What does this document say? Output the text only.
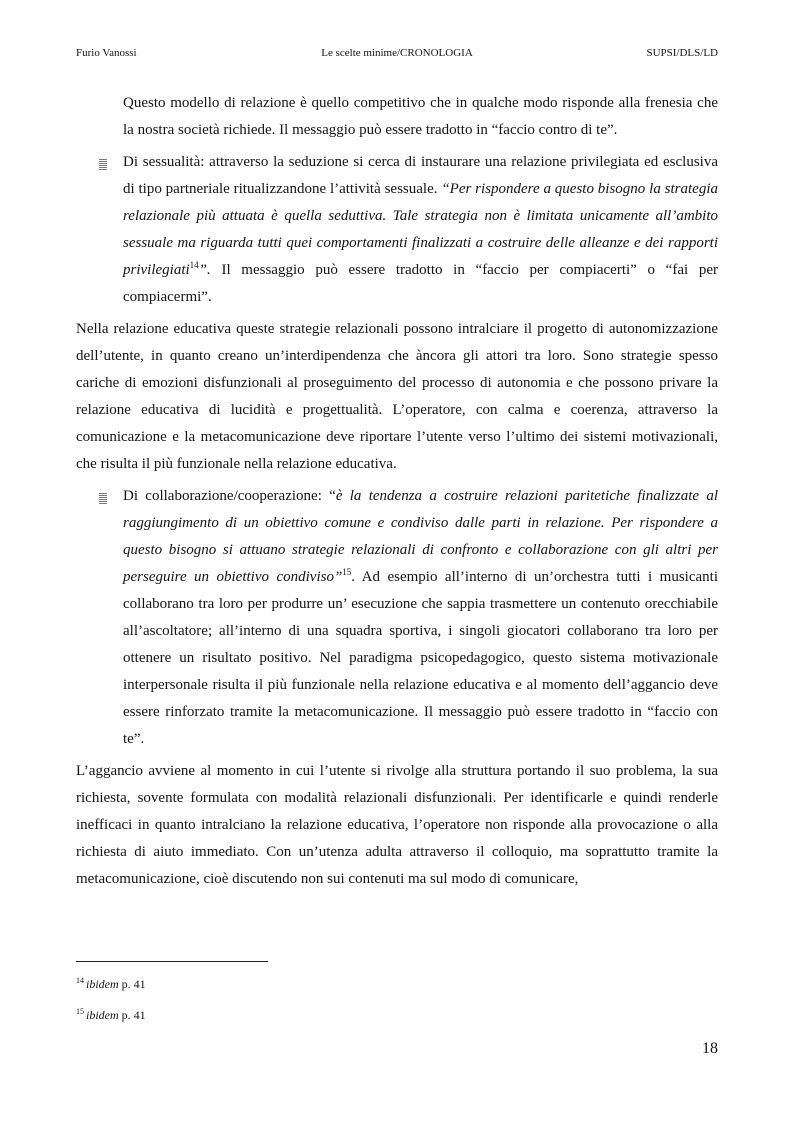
Furio Vanossi	Le scelte minime/CRONOLOGIA	SUPSI/DLS/LD

Questo modello di relazione è quello competitivo che in qualche modo risponde alla frenesia che la nostra società richiede. Il messaggio può essere tradotto in “faccio contro di te”.

Di sessualità: attraverso la seduzione si cerca di instaurare una relazione privilegiata ed esclusiva di tipo partneriale ritualizzandone l’attività sessuale. “Per rispondere a questo bisogno la strategia relazionale più attuata è quella seduttiva. Tale strategia non è limitata unicamente all’ambito sessuale ma riguarda tutti quei comportamenti finalizzati a costruire delle alleanze e dei rapporti privilegiati$^{14}$”. Il messaggio può essere tradotto in “faccio per compiacerti” o “fai per compiacermi”.

Nella relazione educativa queste strategie relazionali possono intralciare il progetto di autonomizzazione dell’utente, in quanto creano un’interdipendenza che àncora gli attori tra loro. Sono strategie spesso cariche di emozioni disfunzionali al proseguimento del processo di autonomia e che possono privare la relazione educativa di lucidità e progettualità. L’operatore, con calma e coerenza, attraverso la comunicazione e la metacomunicazione deve riportare l’utente verso l’ultimo dei sistemi motivazionali, che risulta il più funzionale nella relazione educativa.

Di collaborazione/cooperazione: “è la tendenza a costruire relazioni paritetiche finalizzate al raggiungimento di un obiettivo comune e condiviso dalle parti in relazione. Per rispondere a questo bisogno si attuano strategie relazionali di confronto e collaborazione con gli altri per perseguire un obiettivo condiviso”$^{15}$. Ad esempio all’interno di un’orchestra tutti i musicanti collaborano tra loro per produrre un’ esecuzione che sappia trasmettere un contenuto orecchiabile all’ascoltatore; all’interno di una squadra sportiva, i singoli giocatori collaborano tra loro per ottenere un risultato positivo. Nel paradigma psicopedagogico, questo sistema motivazionale interpersonale risulta il più funzionale nella relazione educativa e al momento dell’aggancio deve essere rinforzato tramite la metacomunicazione. Il messaggio può essere tradotto in “faccio con te”.

L’aggancio avviene al momento in cui l’utente si rivolge alla struttura portando il suo problema, la sua richiesta, sovente formulata con modalità relazionali disfunzionali. Per identificarle e quindi renderle inefficaci in quanto intralciano la relazione educativa, l’operatore non risponde alla provocazione o alla richiesta di aiuto immediato. Con un’utenza adulta attraverso il colloquio, ma soprattutto tramite la metacomunicazione, cioè discutendo non sui contenuti ma sul modo di comunicare,

$^{14}$ ibidem p. 41
$^{15}$ ibidem p. 41
18
